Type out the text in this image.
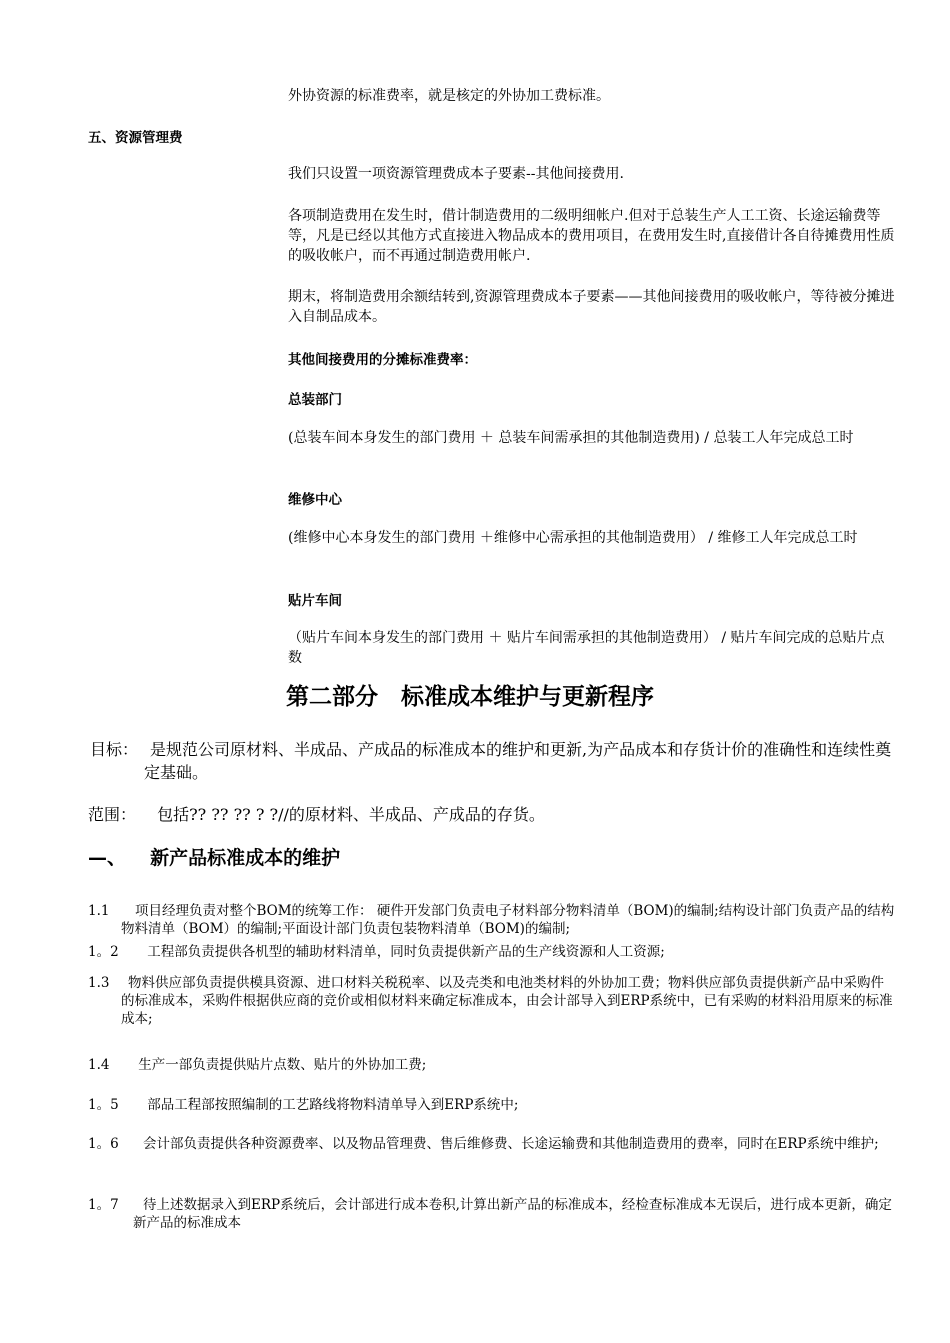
外协资源的标准费率，就是核定的外协加工费标准。

五、资源管理费

我们只设置一项资源管理费成本子要素--其他间接费用.

各项制造费用在发生时，借计制造费用的二级明细帐户.但对于总装生产人工工资、长途运输费等等，凡是已经以其他方式直接进入物品成本的费用项目，在费用发生时,直接借计各自待摊费用性质的吸收帐户，而不再通过制造费用帐户.

期末，将制造费用余额结转到,资源管理费成本子要素——其他间接费用的吸收帐户，等待被分摊进入自制品成本。

其他间接费用的分摊标准费率：

总装部门

(总装车间本身发生的部门费用 ＋ 总装车间需承担的其他制造费用) / 总装工人年完成总工时

维修中心

(维修中心本身发生的部门费用 ＋维修中心需承担的其他制造费用） / 维修工人年完成总工时

贴片车间

（贴片车间本身发生的部门费用 ＋ 贴片车间需承担的其他制造费用） / 贴片车间完成的总贴片点数

第二部分　标准成本维护与更新程序
目标： 是规范公司原材料、半成品、产成品的标准成本的维护和更新,为产品成本和存货计价的准确性和连续性奠定基础。
范围： 包括?? ?? ?? ? ?//的原材料、半成品、产成品的存货。
—、 新产品标准成本的维护
1.1	项目经理负责对整个BOM的统筹工作： 硬件开发部门负责电子材料部分物料清单（BOM)的编制;结构设计部门负责产品的结构物料清单（BOM）的编制;平面设计部门负责包装物料清单（BOM)的编制;
1。2 工程部负责提供各机型的辅助材料清单，同时负责提供新产品的生产线资源和人工资源;
1.3	物料供应部负责提供模具资源、进口材料关税税率、以及壳类和电池类材料的外协加工费；物料供应部负责提供新产品中采购件的标准成本，采购件根据供应商的竞价或相似材料来确定标准成本，由会计部导入到ERP系统中，已有采购的材料沿用原来的标准成本;
1.4 生产一部负责提供贴片点数、贴片的外协加工费;
1。5 部品工程部按照编制的工艺路线将物料清单导入到ERP系统中;
1。6	会计部负责提供各种资源费率、以及物品管理费、售后维修费、长途运输费和其他制造费用的费率，同时在ERP系统中维护;
1。7	待上述数据录入到ERP系统后，会计部进行成本卷积,计算出新产品的标准成本，经检查标准成本无误后，进行成本更新，确定新产品的标准成本
